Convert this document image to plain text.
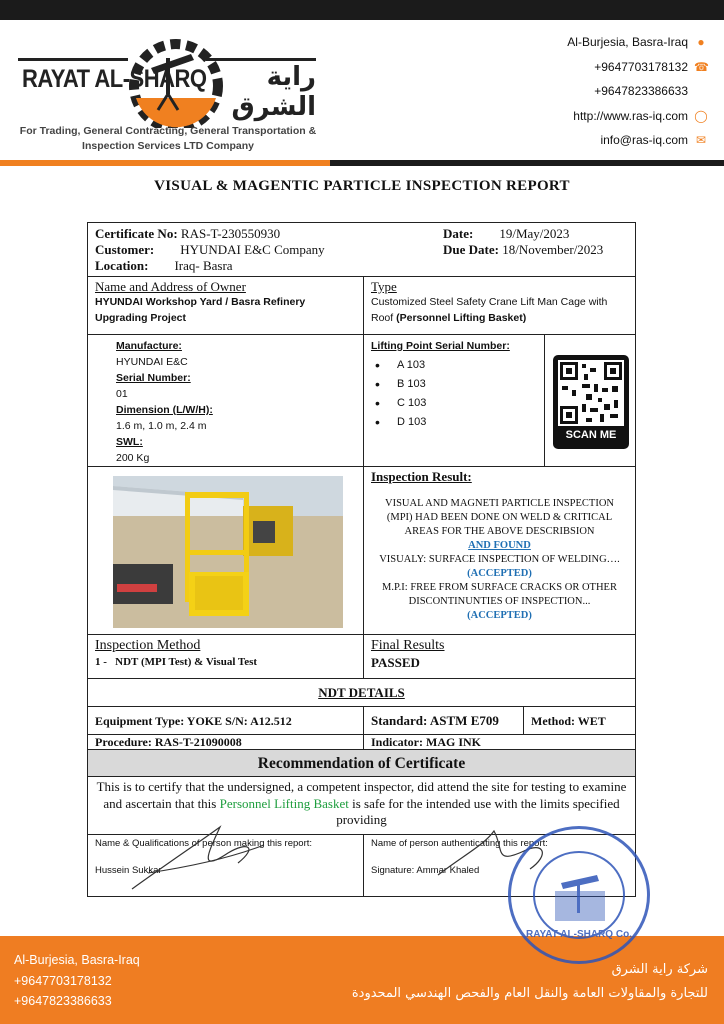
RAYAT AL-SHARQ	راية الشرق
For Trading, General Contracting, General Transportation & Inspection Services LTD Company
Al-Burjesia, Basra-Iraq ●
+9647703178132 ☎
+9647823386633
http://www.ras-iq.com ◯
info@ras-iq.com ✉
VISUAL & MAGENTIC PARTICLE INSPECTION REPORT
Certificate No: RAS-T-230550930
Customer: HYUNDAI E&C Company
Location: Iraq- Basra
Date: 19/May/2023
Due Date: 18/November/2023
Name and Address of Owner
HYUNDAI Workshop Yard / Basra Refinery Upgrading Project
Type
Customized Steel Safety Crane Lift Man Cage with Roof (Personnel Lifting Basket)
Manufacture:
HYUNDAI E&C
Serial Number:
01
Dimension (L/W/H):
1.6 m, 1.0 m, 2.4 m
SWL:
200 Kg
Lifting Point Serial Number:
• A 103
• B 103
• C 103
• D 103
SCAN ME
Inspection Result:
VISUAL AND MAGNETI PARTICLE INSPECTION (MPI) HAD BEEN DONE ON WELD & CRITICAL AREAS FOR THE ABOVE DESCRIBSION
AND FOUND
VISUALY: SURFACE INSPECTION OF WELDING…. (ACCEPTED)
M.P.I: FREE FROM SURFACE CRACKS OR OTHER DISCONTINUNTIES OF INSPECTION...
(ACCEPTED)
Inspection Method
1 - NDT (MPI Test) & Visual Test
Final Results
PASSED
NDT DETAILS
Equipment Type: YOKE S/N: A12.512	Standard: ASTM E709	Method: WET
Procedure: RAS-T-21090008	Indicator: MAG INK
Recommendation of Certificate
This is to certify that the undersigned, a competent inspector, did attend the site for testing to examine and ascertain that this Personnel Lifting Basket is safe for the intended use with the limits specified providing
Name & Qualifications of person making this report:
Hussein Sukkar
Name of person authenticating this report:
Signature: Ammar Khaled
Al-Burjesia, Basra-Iraq
+9647703178132
+9647823386633
شركة راية الشرق
للتجارة والمقاولات العامة والنقل العام والفحص الهندسي المحدودة
RAYAT AL-SHARQ Co.
